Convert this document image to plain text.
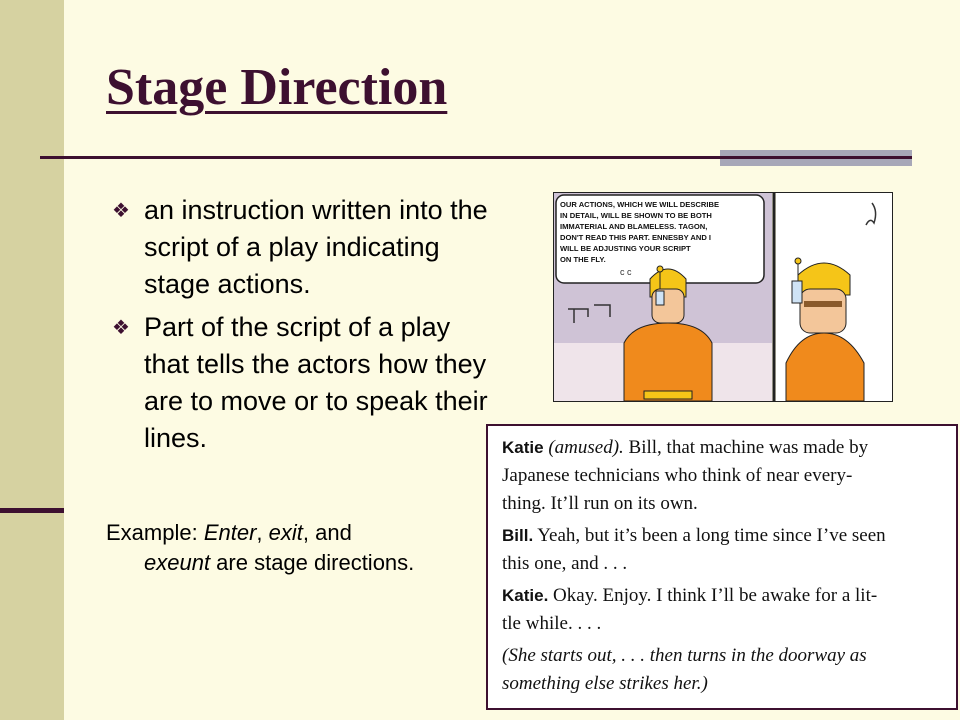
Stage Direction
❖ an instruction written into the script of a play indicating stage actions.
❖ Part of the script of a play that tells the actors how they are to move or to speak their lines.
Example: Enter, exit, and
exeunt are stage directions.
OUR ACTIONS, WHICH WE WILL DESCRIBE
IN DETAIL, WILL BE SHOWN TO BE BOTH
IMMATERIAL AND BLAMELESS. TAGON,
DON'T READ THIS PART. ENNESBY AND I
WILL BE ADJUSTING YOUR SCRIPT
ON THE FLY.
c c
Katie (amused). Bill, that machine was made by
Japanese technicians who think of near every-
thing. It’ll run on its own.
Bill. Yeah, but it’s been a long time since I’ve seen
this one, and . . .
Katie. Okay. Enjoy. I think I’ll be awake for a lit-
tle while. . . .
(She starts out, . . . then turns in the doorway as
something else strikes her.)
